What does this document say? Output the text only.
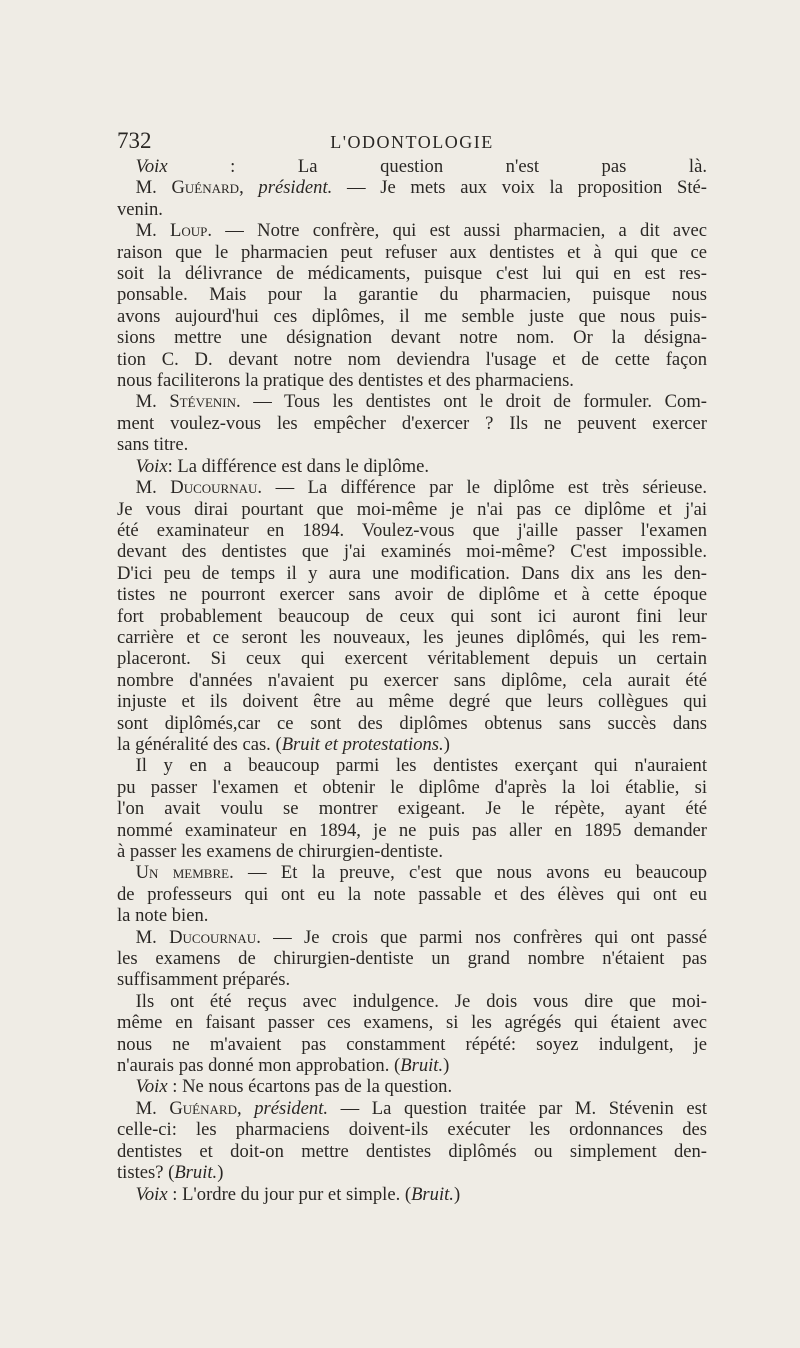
732	L'ODONTOLOGIE

Voix : La question n'est pas là.

M. Guénard, président. — Je mets aux voix la proposition Sté-

venin.

M. Loup. — Notre confrère, qui est aussi pharmacien, a dit avec

raison que le pharmacien peut refuser aux dentistes et à qui que ce

soit la délivrance de médicaments, puisque c'est lui qui en est res-

ponsable. Mais pour la garantie du pharmacien, puisque nous

avons aujourd'hui ces diplômes, il me semble juste que nous puis-

sions mettre une désignation devant notre nom. Or la désigna-

tion C. D. devant notre nom deviendra l'usage et de cette façon

nous faciliterons la pratique des dentistes et des pharmaciens.

M. Stévenin. — Tous les dentistes ont le droit de formuler. Com-

ment voulez-vous les empêcher d'exercer ? Ils ne peuvent exercer

sans titre.

Voix: La différence est dans le diplôme.

M. Ducournau. — La différence par le diplôme est très sérieuse.

Je vous dirai pourtant que moi-même je n'ai pas ce diplôme et j'ai

été examinateur en 1894. Voulez-vous que j'aille passer l'examen

devant des dentistes que j'ai examinés moi-même? C'est impossible.

D'ici peu de temps il y aura une modification. Dans dix ans les den-

tistes ne pourront exercer sans avoir de diplôme et à cette époque

fort probablement beaucoup de ceux qui sont ici auront fini leur

carrière et ce seront les nouveaux, les jeunes diplômés, qui les rem-

placeront. Si ceux qui exercent véritablement depuis un certain

nombre d'années n'avaient pu exercer sans diplôme, cela aurait été

injuste et ils doivent être au même degré que leurs collègues qui

sont diplômés,car ce sont des diplômes obtenus sans succès dans

la généralité des cas. (Bruit et protestations.)

Il y en a beaucoup parmi les dentistes exerçant qui n'auraient

pu passer l'examen et obtenir le diplôme d'après la loi établie, si

l'on avait voulu se montrer exigeant. Je le répète, ayant été

nommé examinateur en 1894, je ne puis pas aller en 1895 demander

à passer les examens de chirurgien-dentiste.

Un membre. — Et la preuve, c'est que nous avons eu beaucoup

de professeurs qui ont eu la note passable et des élèves qui ont eu

la note bien.

M. Ducournau. — Je crois que parmi nos confrères qui ont passé

les examens de chirurgien-dentiste un grand nombre n'étaient pas

suffisamment préparés.

Ils ont été reçus avec indulgence. Je dois vous dire que moi-

même en faisant passer ces examens, si les agrégés qui étaient avec

nous ne m'avaient pas constamment répété: soyez indulgent, je

n'aurais pas donné mon approbation. (Bruit.)

Voix : Ne nous écartons pas de la question.

M. Guénard, président. — La question traitée par M. Stévenin est

celle-ci: les pharmaciens doivent-ils exécuter les ordonnances des

dentistes et doit-on mettre dentistes diplômés ou simplement den-

tistes? (Bruit.)

Voix : L'ordre du jour pur et simple. (Bruit.)
